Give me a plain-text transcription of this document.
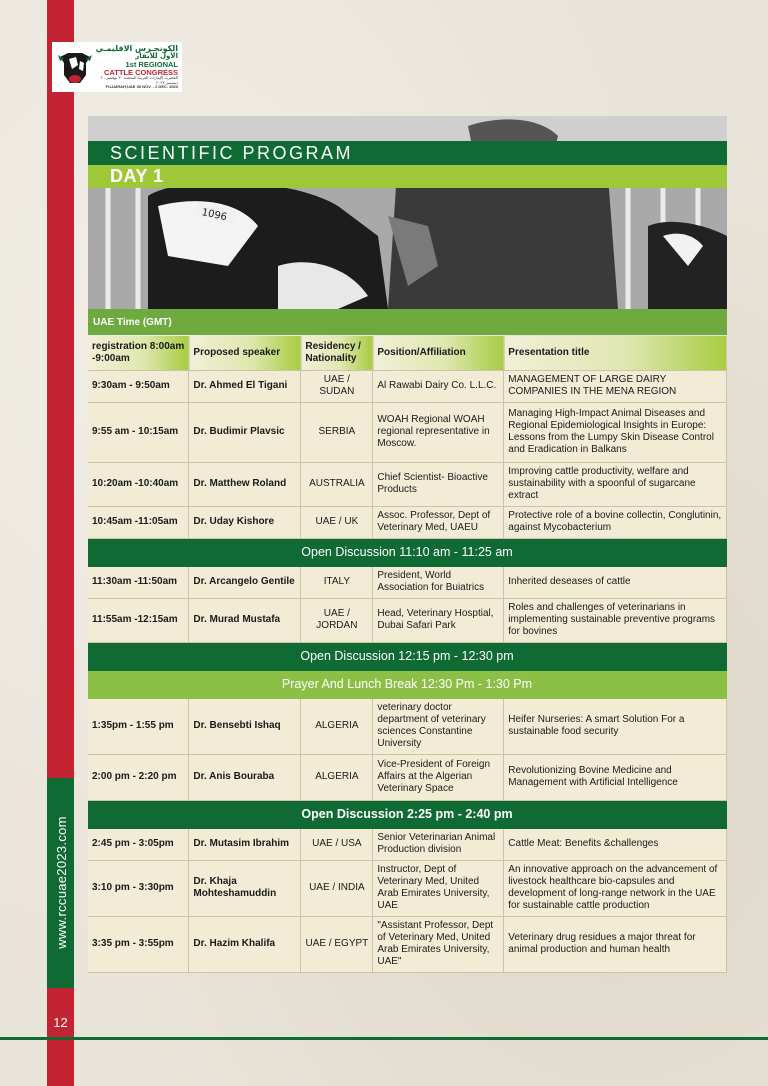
www.rccuae2023.com
12
الكونجـرس الاقليمـي
الأول للأبقار
1st REGIONAL
CATTLE CONGRESS
الفجيرة، الإمارات العربية المتحدة ٣٠ نوفمبر - ٢ ديسمبر ٢٠٢٣
FUJAIRAH,UAE 30 NOV. - 2 DEC. 2023
1096
SCIENTIFIC PROGRAM
DAY 1
UAE Time (GMT)
registration 8:00am -9:00am	Proposed speaker	Residency / Nationality	Position/Affiliation	Presentation title
9:30am - 9:50am	Dr. Ahmed El Tigani	UAE / SUDAN	Al Rawabi Dairy Co. L.L.C.	MANAGEMENT OF LARGE DAIRY COMPANIES IN THE MENA REGION
9:55 am - 10:15am	Dr. Budimir Plavsic	SERBIA	WOAH Regional WOAH regional representative in Moscow.	Managing High-Impact Animal Diseases and Regional Epidemiological Insights in Europe: Lessons from the Lumpy Skin Disease Control and Eradication in Balkans
10:20am -10:40am	Dr. Matthew Roland	AUSTRALIA	Chief Scientist- Bioactive Products	Improving cattle productivity, welfare and sustainability with a spoonful of sugarcane extract
10:45am -11:05am	Dr. Uday Kishore	UAE / UK	Assoc. Professor, Dept of Veterinary Med, UAEU	Protective role of a bovine collectin, Conglutinin, against Mycobacterium
Open Discussion 11:10 am - 11:25 am				
11:30am -11:50am	Dr. Arcangelo Gentile	ITALY	President, World Association for Buiatrics	Inherited deseases of cattle
11:55am -12:15am	Dr. Murad Mustafa	UAE / JORDAN	Head, Veterinary Hosptial, Dubai Safari Park	Roles and challenges of veterinarians in implementing sustainable preventive programs for bovines
Open Discussion 12:15 pm - 12:30 pm				
Prayer And Lunch Break 12:30 Pm - 1:30 Pm				
1:35pm - 1:55 pm	Dr. Bensebti Ishaq	ALGERIA	veterinary doctor department of veterinary sciences Constantine University	Heifer Nurseries: A smart Solution For a sustainable food security
2:00 pm - 2:20 pm	Dr. Anis Bouraba	ALGERIA	Vice-President of Foreign Affairs at the Algerian Veterinary Space	Revolutionizing Bovine Medicine and Management with Artificial Intelligence
Open Discussion 2:25 pm - 2:40 pm				
2:45 pm - 3:05pm	Dr. Mutasim Ibrahim	UAE / USA	Senior Veterinarian Animal Production division	Cattle Meat: Benefits &challenges
3:10 pm - 3:30pm	Dr. Khaja Mohteshamuddin	UAE / INDIA	Instructor, Dept of Veterinary Med, United Arab Emirates University, UAE	An innovative approach on the advancement of livestock healthcare bio-capsules and development of long-range network in the UAE for sustainable cattle production
3:35 pm - 3:55pm	Dr. Hazim Khalifa	UAE / EGYPT	"Assistant Professor, Dept of Veterinary Med, United Arab Emirates University, UAE"	Veterinary drug residues a major threat for animal production and human health
